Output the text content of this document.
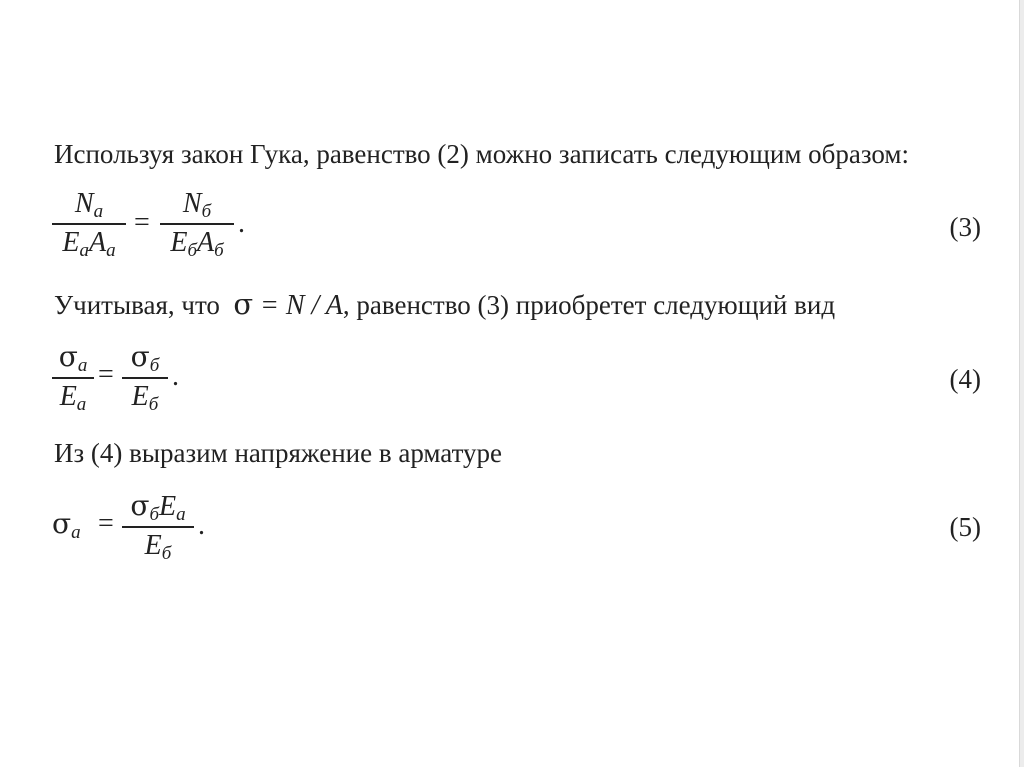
Используя закон Гука, равенство (2) можно записать следующим образом:
Na
EaAa
=
Nб
EбAб
.	(3)
Учитывая, что σ = N / A, равенство (3) приобретет следующий вид
σa
Ea
=
σб
Eб
.	(4)
Из (4) выразим напряжение в арматуре
σa =
σбEa
Eб
.	(5)
